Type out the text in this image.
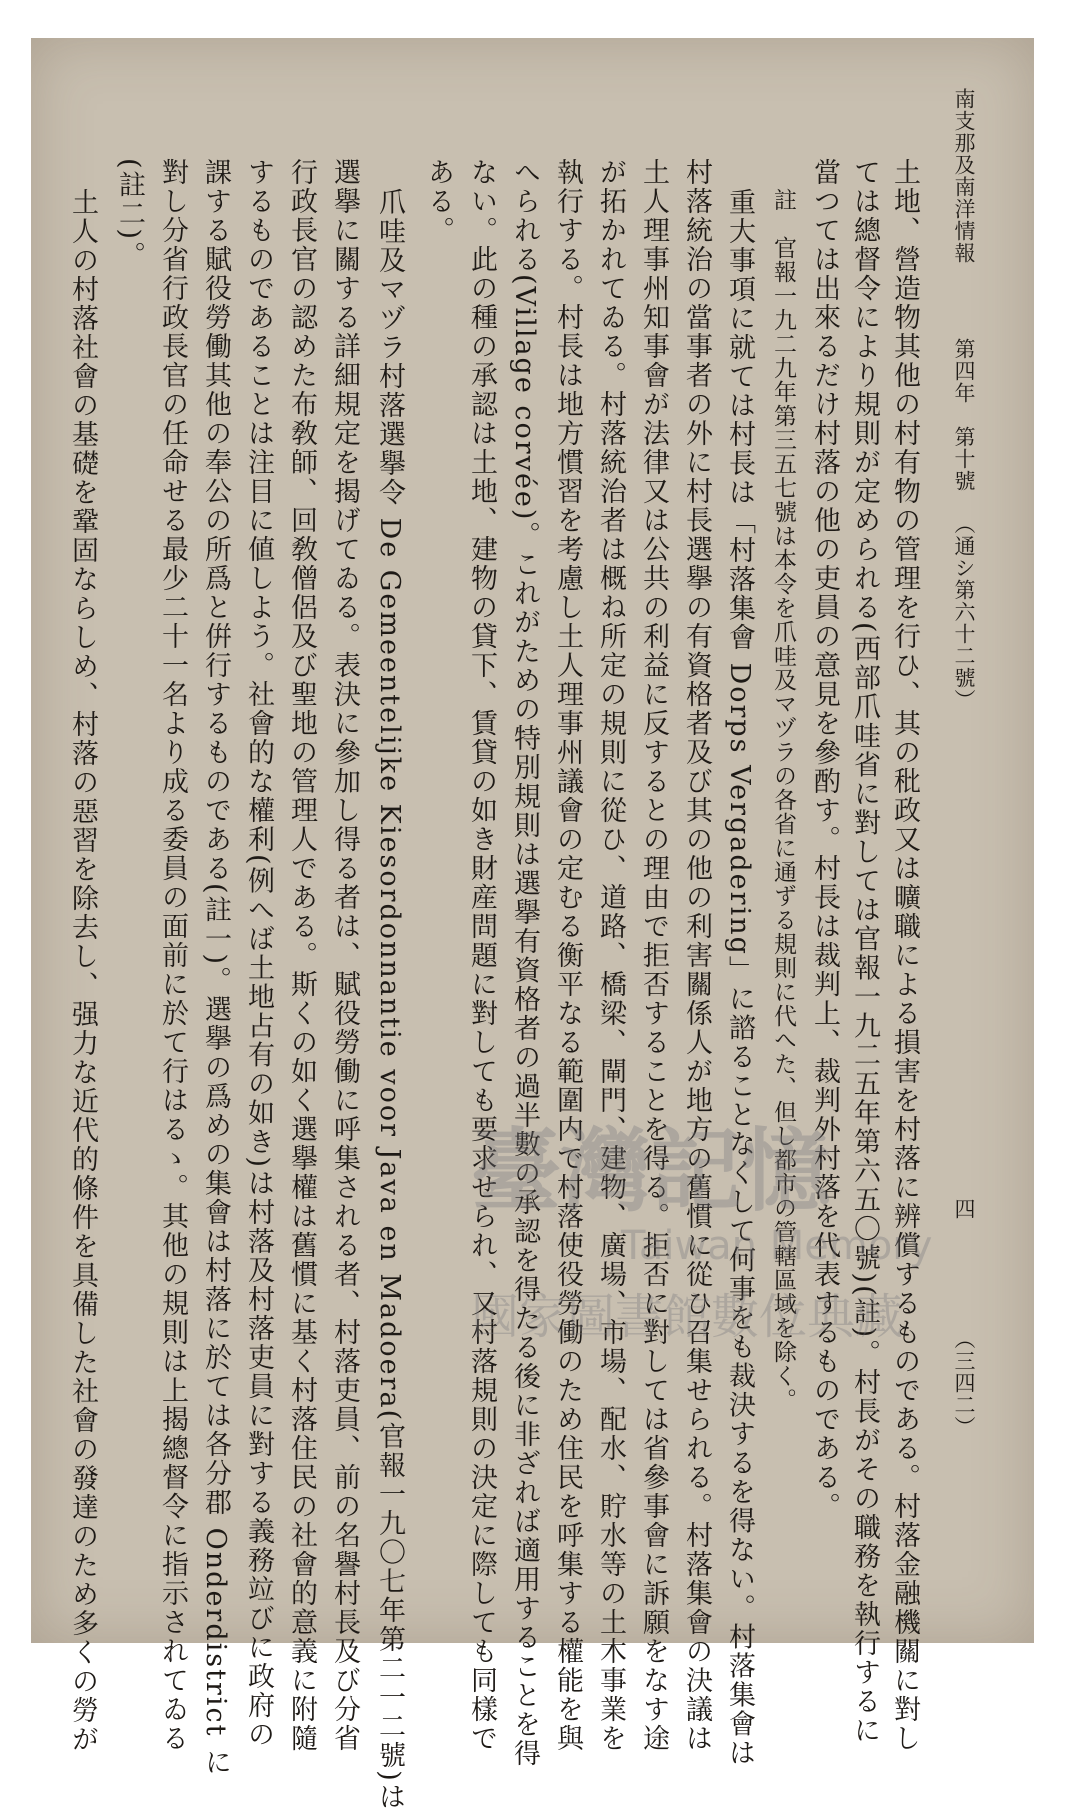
南支那及南洋情報
第四年　第十號
（通シ第六十二號）
四
（三四二）
土地、營造物其他の村有物の管理を行ひ、其の秕政又は曠職による損害を村落に辨償するものである。村落金融機關に對し
ては總督令により規則が定められる(西部爪哇省に對しては官報一九二五年第六五〇號)(註)。村長がその職務を執行するに
當つては出來るだけ村落の他の吏員の意見を參酌す。村長は裁判上、裁判外村落を代表するものである。
註　官報一九二九年第三五七號は本令を爪哇及マヅラの各省に通ずる規則に代へた、但し都市の管轄區域を除く。
重大事項に就ては村長は「村落集會 Dorps Vergadering」に諮ることなくして何事をも裁決するを得ない。村落集會は
村落統治の當事者の外に村長選擧の有資格者及び其の他の利害關係人が地方の舊慣に從ひ召集せられる。村落集會の決議は
土人理事州知事會が法律又は公共の利益に反するとの理由で拒否することを得る。拒否に對しては省參事會に訴願をなす途
が拓かれてゐる。村落統治者は概ね所定の規則に從ひ、道路、橋梁、閘門、建物、廣場、市場、配水、貯水等の土木事業を
執行する。村長は地方慣習を考慮し土人理事州議會の定むる衡平なる範圍内で村落使役勞働のため住民を呼集する權能を與
へられる(Village corvée)。これがための特別規則は選擧有資格者の過半數の承認を得たる後に非ざれば適用することを得
ない。此の種の承認は土地、建物の貸下、賃貸の如き財産問題に對しても要求せられ、又村落規則の決定に際しても同樣で
ある。
爪哇及マヅラ村落選擧令 De Gemeentelijke Kiesordonnantie voor Java en Madoera(官報一九〇七年第二一二號)は
選擧に關する詳細規定を揭げてゐる。表決に參加し得る者は、賦役勞働に呼集される者、村落吏員、前の名譽村長及び分省
行政長官の認めた布敎師、回敎僧侶及び聖地の管理人である。斯くの如く選擧權は舊慣に基く村落住民の社會的意義に附隨
するものであることは注目に値しよう。社會的な權利(例へば土地占有の如き)は村落及村落吏員に對する義務竝びに政府の
課する賦役勞働其他の奉公の所爲と倂行するものである(註一)。選擧の爲めの集會は村落に於ては各分郡 Onderdistrict に
對し分省行政長官の任命せる最少二十一名より成る委員の面前に於て行はるゝ。其他の規則は上揭總督令に指示されてゐる
(註二)。
土人の村落社會の基礎を鞏固ならしめ、村落の惡習を除去し、强力な近代的條件を具備した社會の發達のため多くの勞が	臺灣記憶
Taiwan Memory
國家圖書館數位典藏
